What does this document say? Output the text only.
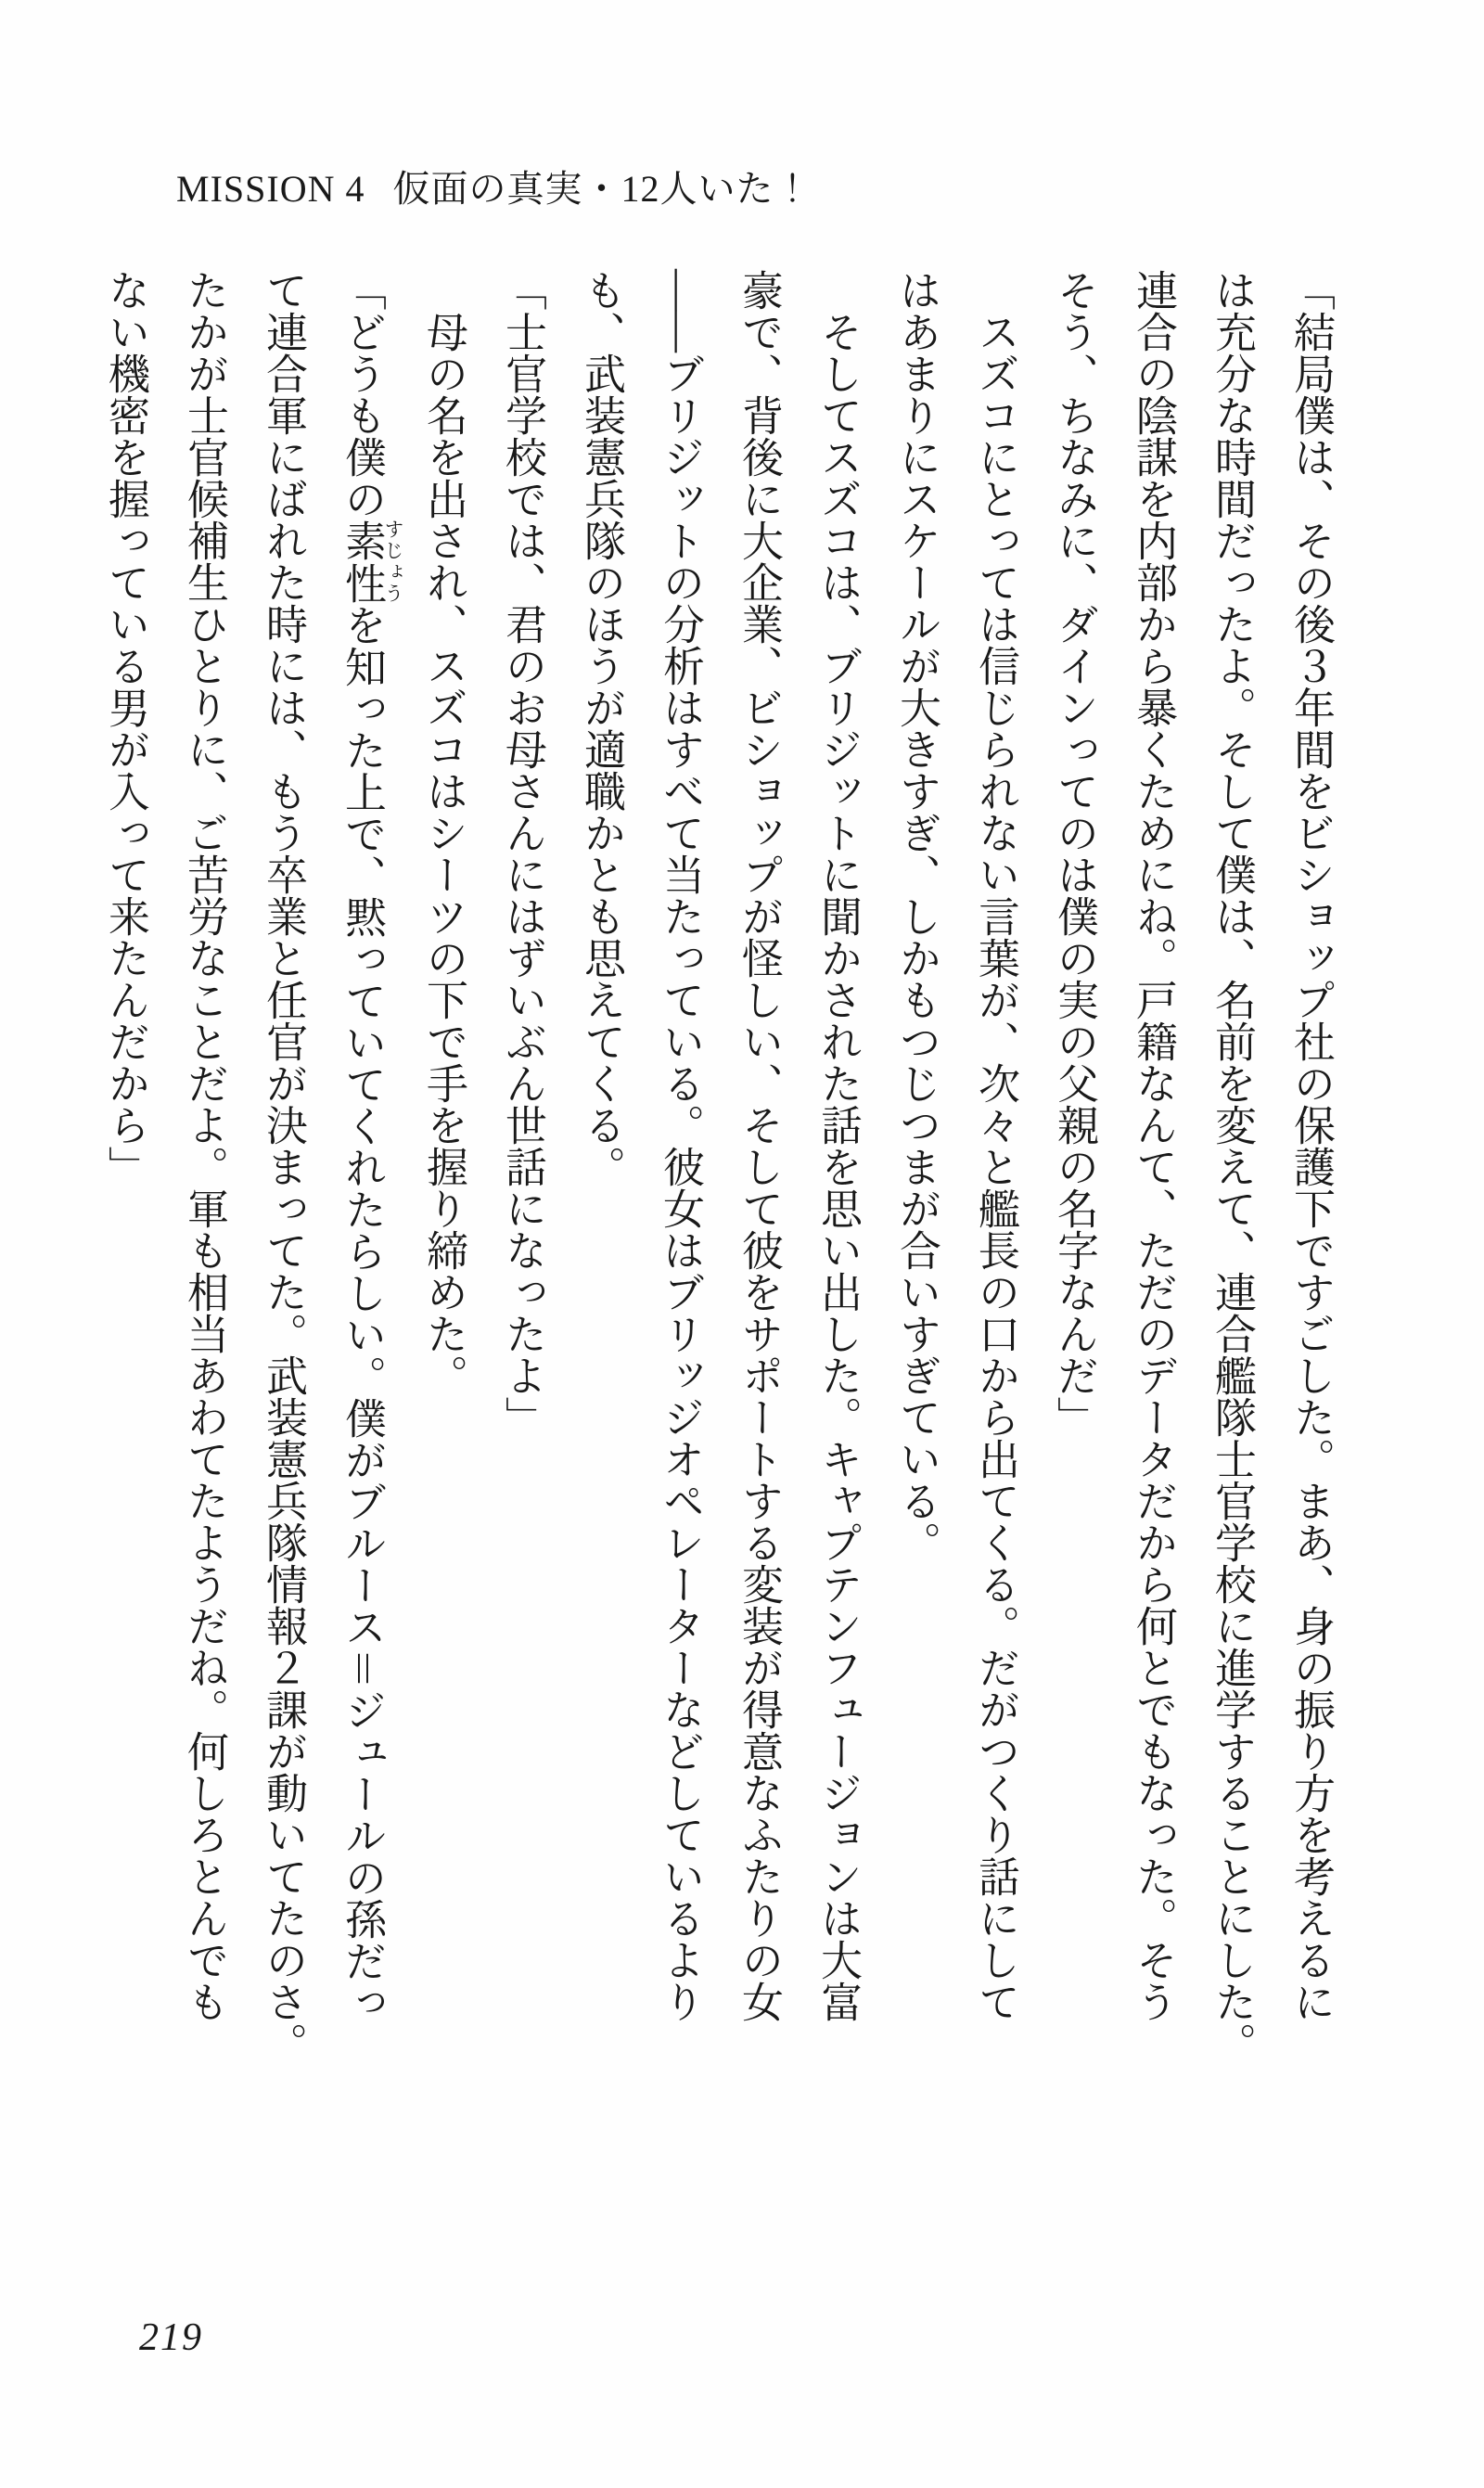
MISSION 4 仮面の真実・12人いた！
「結局僕は、その後３年間をビショップ社の保護下ですごした。まあ、身の振り方を考えるに
は充分な時間だったよ。そして僕は、名前を変えて、連合艦隊士官学校に進学することにした。
連合の陰謀を内部から暴くためにね。戸籍なんて、ただのデータだから何とでもなった。そう
そう、ちなみに、ダインってのは僕の実の父親の名字なんだ」
　スズコにとっては信じられない言葉が、次々と艦長の口から出てくる。だがつくり話にして
はあまりにスケールが大きすぎ、しかもつじつまが合いすぎている。
　そしてスズコは、ブリジットに聞かされた話を思い出した。キャプテンフュージョンは大富
豪で、背後に大企業、ビショップが怪しい、そして彼をサポートする変装が得意なふたりの女
――ブリジットの分析はすべて当たっている。彼女はブリッジオペレーターなどしているより
も、武装憲兵隊のほうが適職かとも思えてくる。
「士官学校では、君のお母さんにはずいぶん世話になったよ」
　母の名を出され、スズコはシーツの下で手を握り締めた。
「どうも僕の素性すじょうを知った上で、黙っていてくれたらしい。僕がブルース＝ジュールの孫だっ
て連合軍にばれた時には、もう卒業と任官が決まってた。武装憲兵隊情報２課が動いてたのさ。
たかが士官候補生ひとりに、ご苦労なことだよ。軍も相当あわてたようだね。何しろとんでも
ない機密を握っている男が入って来たんだから」
219
